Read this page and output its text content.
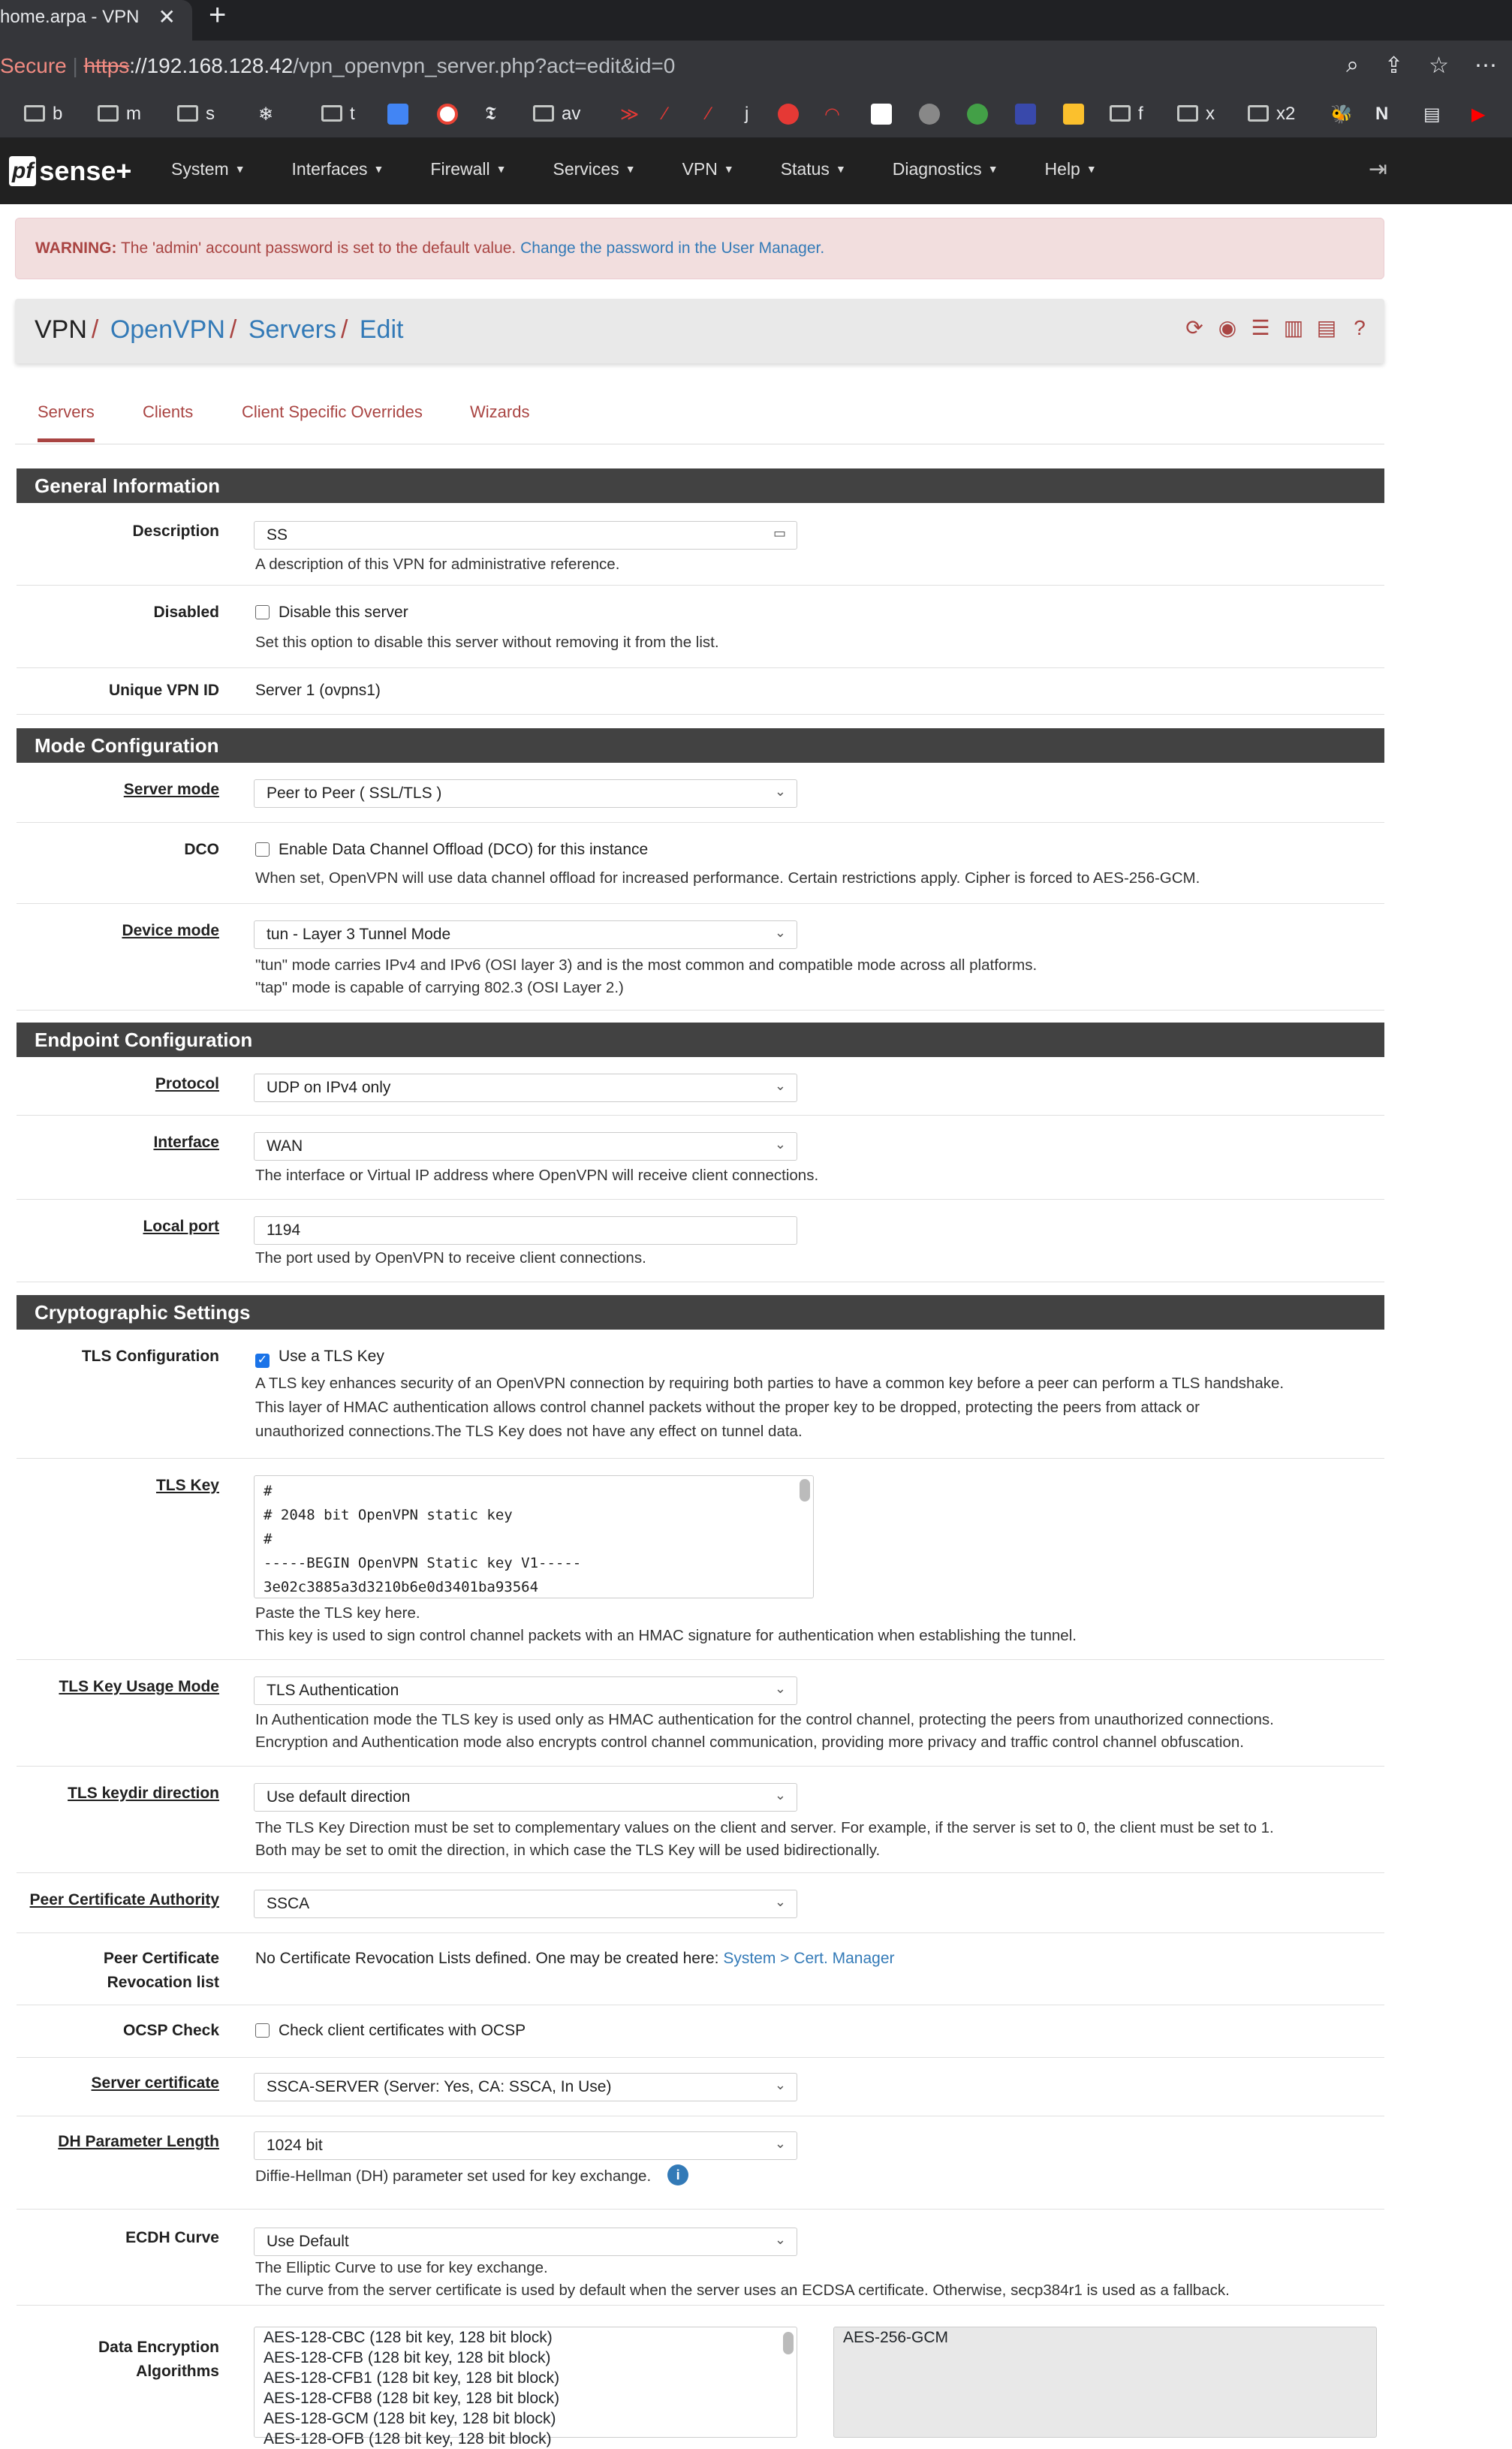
home.arpa - VPN ✕ +
Secure | https://192.168.128.42/vpn_openvpn_server.php?act=edit&id=0	⌕ ⇪ ☆ ⋯
b	m	s ❄	t	𝕿	av ≫ ⁄ ⁄ j	◠	f	x	x2 🐝 N ▤ ▶
pf sense+ System ▼	Interfaces ▼	Firewall ▼	Services ▼	VPN ▼	Status ▼	Diagnostics ▼	Help ▼	⇥
WARNING: The 'admin' account password is set to the default value. Change the password in the User Manager.
VPN / OpenVPN / Servers / Edit	⟳ ◉ ☰ ▥ ▤ ?
Servers	Clients	Client Specific Overrides	Wizards
General Information
Description	SS	▭
A description of this VPN for administrative reference.
Disabled	Disable this server
Set this option to disable this server without removing it from the list.
Unique VPN ID Server 1 (ovpns1)
Mode Configuration
Server mode	Peer to Peer ( SSL/TLS )	⌄
DCO	Enable Data Channel Offload (DCO) for this instance
When set, OpenVPN will use data channel offload for increased performance. Certain restrictions apply. Cipher is forced to AES-256-GCM.
Device mode	tun - Layer 3 Tunnel Mode	⌄
"tun" mode carries IPv4 and IPv6 (OSI layer 3) and is the most common and compatible mode across all platforms.
"tap" mode is capable of carrying 802.3 (OSI Layer 2.)
Endpoint Configuration
Protocol	UDP on IPv4 only	⌄
Interface	WAN	⌄
The interface or Virtual IP address where OpenVPN will receive client connections.
Local port	1194
The port used by OpenVPN to receive client connections.
Cryptographic Settings
TLS Configuration	✓ Use a TLS Key
A TLS key enhances security of an OpenVPN connection by requiring both parties to have a common key before a peer can perform a TLS handshake.
This layer of HMAC authentication allows control channel packets without the proper key to be dropped, protecting the peers from attack or
unauthorized connections.The TLS Key does not have any effect on tunnel data.
TLS Key	#
# 2048 bit OpenVPN static key
#
-----BEGIN OpenVPN Static key V1-----
3e02c3885a3d3210b6e0d3401ba93564
Paste the TLS key here.
This key is used to sign control channel packets with an HMAC signature for authentication when establishing the tunnel.
TLS Key Usage Mode	TLS Authentication	⌄
In Authentication mode the TLS key is used only as HMAC authentication for the control channel, protecting the peers from unauthorized connections.
Encryption and Authentication mode also encrypts control channel communication, providing more privacy and traffic control channel obfuscation.
TLS keydir direction	Use default direction	⌄
The TLS Key Direction must be set to complementary values on the client and server. For example, if the server is set to 0, the client must be set to 1.
Both may be set to omit the direction, in which case the TLS Key will be used bidirectionally.
Peer Certificate Authority	SSCA	⌄
Peer Certificate
Revocation list
No Certificate Revocation Lists defined. One may be created here: System > Cert. Manager
OCSP Check	Check client certificates with OCSP
Server certificate	SSCA-SERVER (Server: Yes, CA: SSCA, In Use)	⌄
DH Parameter Length	1024 bit	⌄
Diffie-Hellman (DH) parameter set used for key exchange. i
ECDH Curve	Use Default	⌄
The Elliptic Curve to use for key exchange.
The curve from the server certificate is used by default when the server uses an ECDSA certificate. Otherwise, secp384r1 is used as a fallback.
Data Encryption
Algorithms
AES-128-CBC (128 bit key, 128 bit block)
AES-128-CFB (128 bit key, 128 bit block)
AES-128-CFB1 (128 bit key, 128 bit block)
AES-128-CFB8 (128 bit key, 128 bit block)
AES-128-GCM (128 bit key, 128 bit block)
AES-128-OFB (128 bit key, 128 bit block)
AES-256-GCM
